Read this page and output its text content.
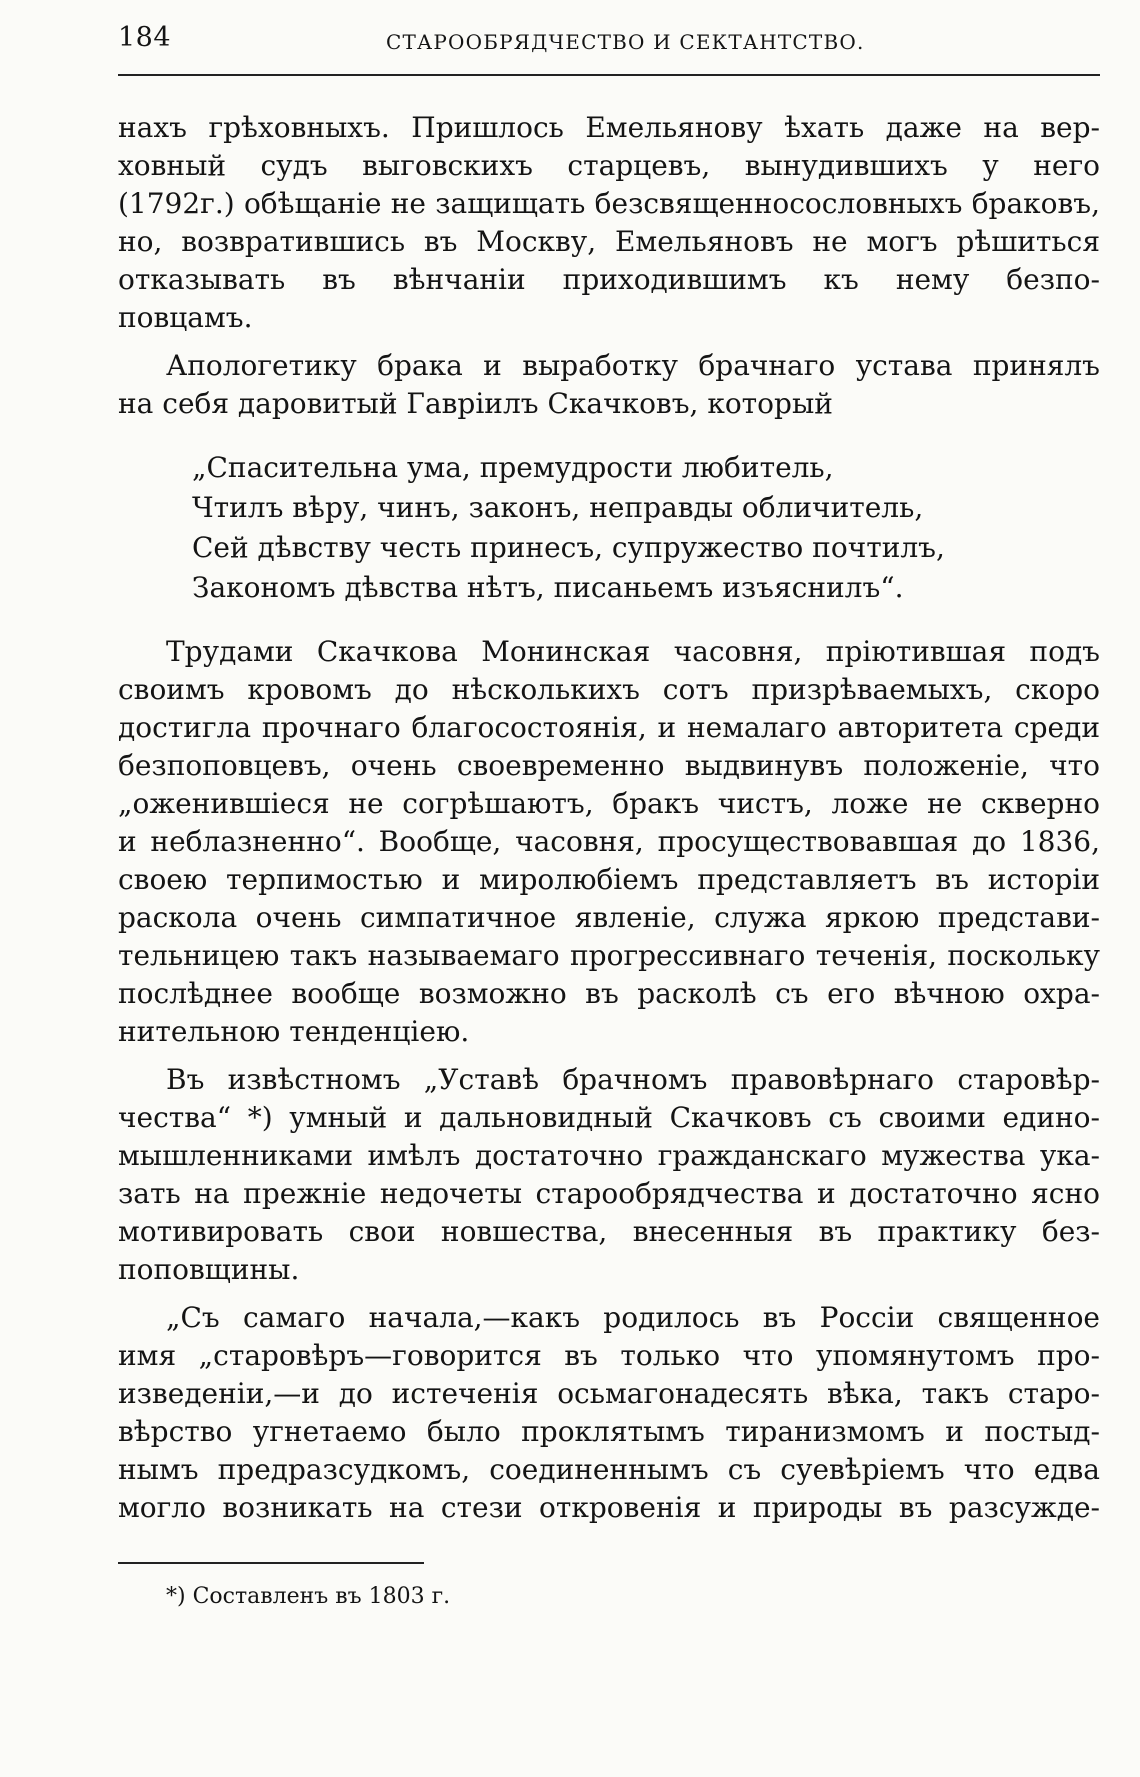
184	СТАРООБРЯДЧЕСТВО И СЕКТАНТСТВО.
нахъ грѣховныхъ. Пришлось Емельянову ѣхать даже на вер-
ховный судъ выговскихъ старцевъ, вынудившихъ у него
(1792г.) обѣщаніе не защищать безсвященносословныхъ браковъ,
но, возвратившись въ Москву, Емельяновъ не могъ рѣшиться
отказывать въ вѣнчаніи приходившимъ къ нему безпо-
повцамъ.
Апологетику брака и выработку брачнаго устава принялъ
на себя даровитый Гавріилъ Скачковъ, который
„Спасительна ума, премудрости любитель,
Чтилъ вѣру, чинъ, законъ, неправды обличитель,
Сей дѣвству честь принесъ, супружество почтилъ,
Закономъ дѣвства нѣтъ, писаньемъ изъяснилъ“.
Трудами Скачкова Монинская часовня, пріютившая подъ
своимъ кровомъ до нѣсколькихъ сотъ призрѣваемыхъ, скоро
достигла прочнаго благосостоянія, и немалаго авторитета среди
безпоповцевъ, очень своевременно выдвинувъ положеніе, что
„оженившіеся не согрѣшаютъ, бракъ чистъ, ложе не скверно
и неблазненно“. Вообще, часовня, просуществовавшая до 1836,
своею терпимостью и миролюбіемъ представляетъ въ исторіи
раскола очень симпатичное явленіе, служа яркою представи-
тельницею такъ называемаго прогрессивнаго теченія, поскольку
послѣднее вообще возможно въ расколѣ съ его вѣчною охра-
нительною тенденціею.
Въ извѣстномъ „Уставѣ брачномъ правовѣрнаго старовѣр-
чества“ *) умный и дальновидный Скачковъ съ своими едино-
мышленниками имѣлъ достаточно гражданскаго мужества ука-
зать на прежніе недочеты старообрядчества и достаточно ясно
мотивировать свои новшества, внесенныя въ практику без-
поповщины.
„Съ самаго начала,—какъ родилось въ Россіи священное
имя „старовѣръ—говорится въ только что упомянутомъ про-
изведеніи,—и до истеченія осьмагонадесять вѣка, такъ старо-
вѣрство угнетаемо было проклятымъ тиранизмомъ и постыд-
нымъ предразсудкомъ, соединеннымъ съ суевѣріемъ что едва
могло возникать на стези откровенія и природы въ разсужде-
*) Составленъ въ 1803 г.
